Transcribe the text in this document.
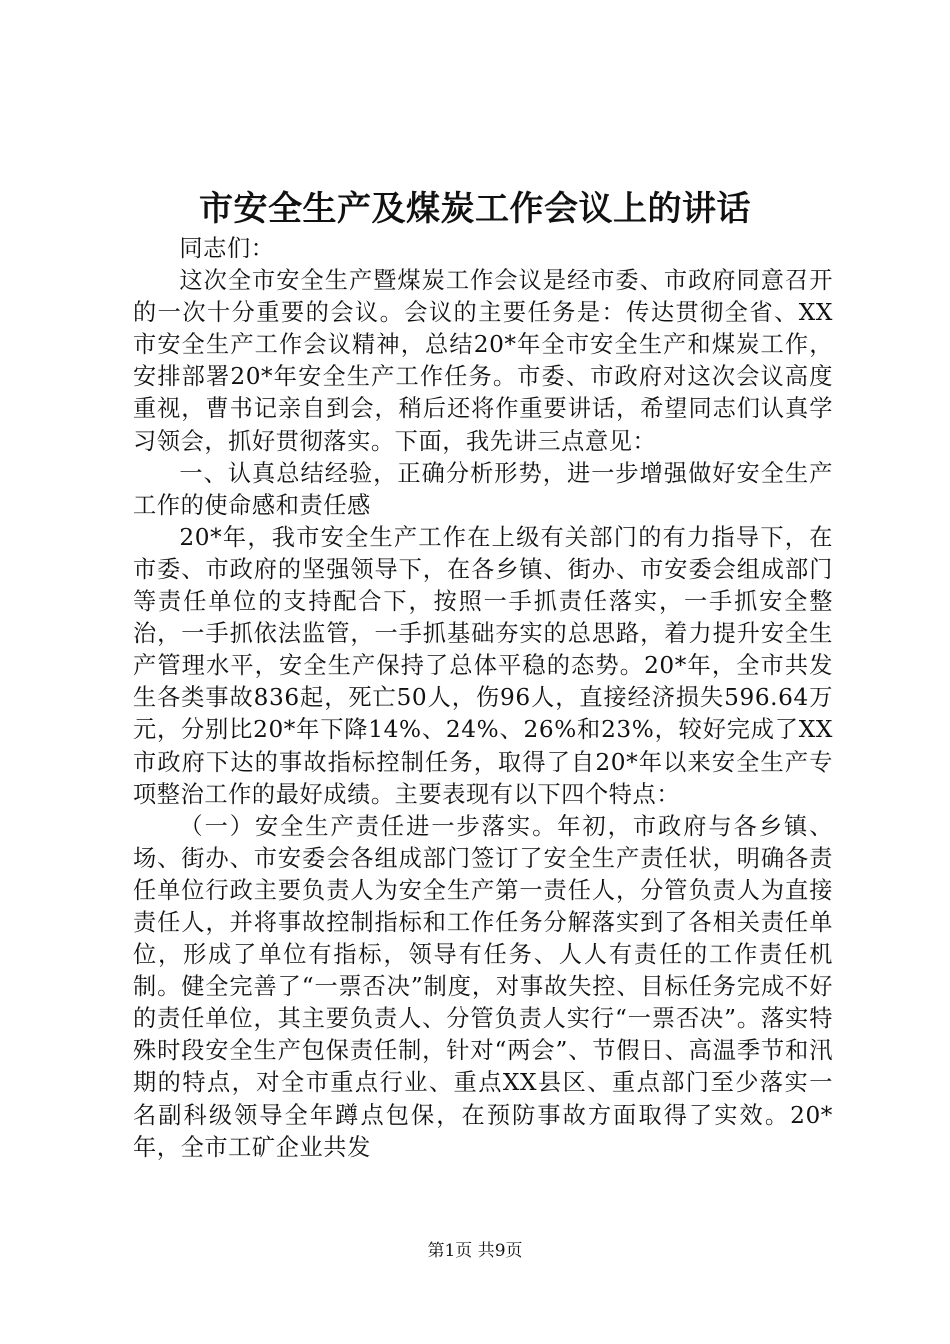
市安全生产及煤炭工作会议上的讲话

同志们：

这次全市安全生产暨煤炭工作会议是经市委、市政府同意召开的一次十分重要的会议。会议的主要任务是：传达贯彻全省、XX市安全生产工作会议精神，总结20*年全市安全生产和煤炭工作，安排部署20*年安全生产工作任务。市委、市政府对这次会议高度重视，曹书记亲自到会，稍后还将作重要讲话，希望同志们认真学习领会，抓好贯彻落实。下面，我先讲三点意见：

一、认真总结经验，正确分析形势，进一步增强做好安全生产工作的使命感和责任感

20*年，我市安全生产工作在上级有关部门的有力指导下，在市委、市政府的坚强领导下，在各乡镇、街办、市安委会组成部门等责任单位的支持配合下，按照一手抓责任落实，一手抓安全整治，一手抓依法监管，一手抓基础夯实的总思路，着力提升安全生产管理水平，安全生产保持了总体平稳的态势。20*年，全市共发生各类事故836起，死亡50人，伤96人，直接经济损失596.64万元，分别比20*年下降14%、24%、26%和23%，较好完成了XX市政府下达的事故指标控制任务，取得了自20*年以来安全生产专项整治工作的最好成绩。主要表现有以下四个特点：

（一）安全生产责任进一步落实。年初，市政府与各乡镇、场、街办、市安委会各组成部门签订了安全生产责任状，明确各责任单位行政主要负责人为安全生产第一责任人，分管负责人为直接责任人，并将事故控制指标和工作任务分解落实到了各相关责任单位，形成了单位有指标，领导有任务、人人有责任的工作责任机制。健全完善了“一票否决”制度，对事故失控、目标任务完成不好的责任单位，其主要负责人、分管负责人实行“一票否决”。落实特殊时段安全生产包保责任制，针对“两会”、节假日、高温季节和汛期的特点，对全市重点行业、重点XX县区、重点部门至少落实一名副科级领导全年蹲点包保，在预防事故方面取得了实效。20*年，全市工矿企业共发

第1页 共9页
